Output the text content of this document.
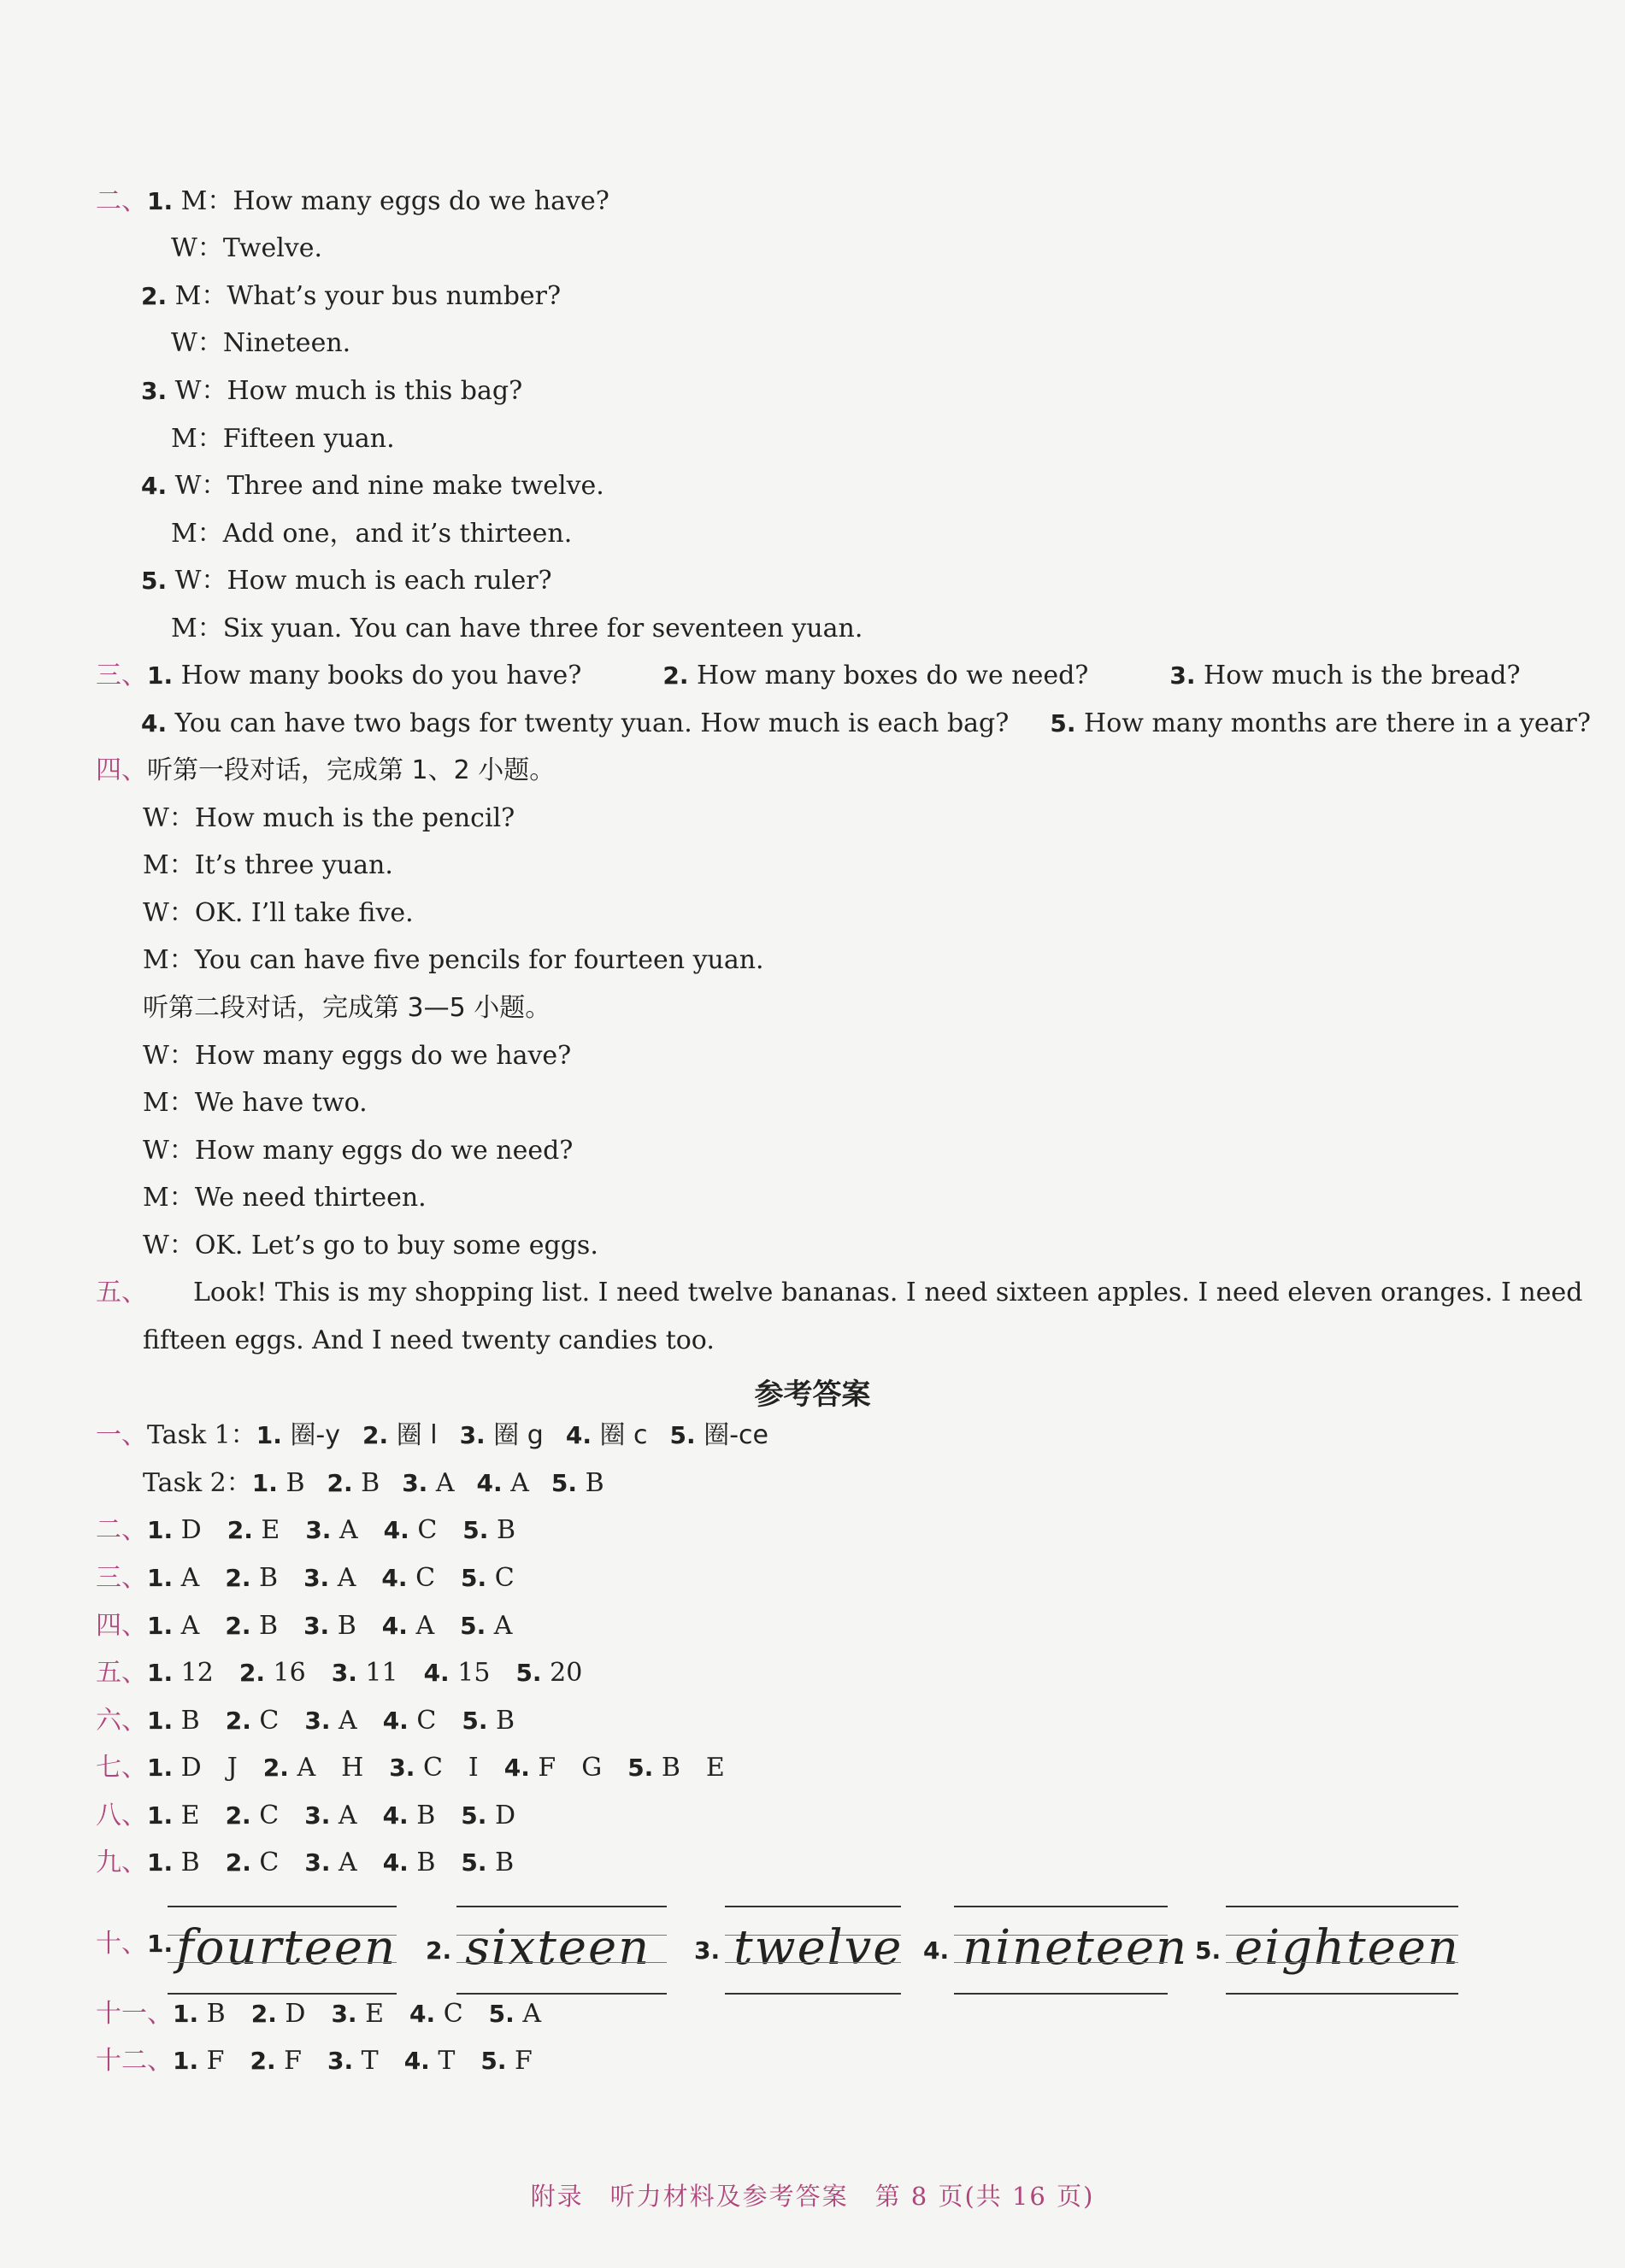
二、1. M：How many eggs do we have?
W：Twelve.
2. M：What’s your bus number?
W：Nineteen.
3. W：How much is this bag?
M：Fifteen yuan.
4. W：Three and nine make twelve.
M：Add one，and it’s thirteen.
5. W：How much is each ruler?
M：Six yuan. You can have three for seventeen yuan.
三、1. How many books do you have?	2. How many boxes do we need?	3. How much is the bread?
4. You can have two bags for twenty yuan. How much is each bag? 5. How many months are there in a year?
四、听第一段对话，完成第 1、2 小题。
W：How much is the pencil?
M：It’s three yuan.
W：OK. I’ll take five.
M：You can have five pencils for fourteen yuan.
听第二段对话，完成第 3—5 小题。
W：How many eggs do we have?
M：We have two.
W：How many eggs do we need?
M：We need thirteen.
W：OK. Let’s go to buy some eggs.
五、 Look! This is my shopping list. I need twelve bananas. I need sixteen apples. I need eleven oranges. I need
fifteen eggs. And I need twenty candies too.
参考答案
一、Task 1：1. 圈-y 2. 圈 l 3. 圈 g 4. 圈 c 5. 圈-ce
Task 2：1. B 2. B 3. A 4. A 5. B
二、1. D 2. E 3. A 4. C 5. B
三、1. A 2. B 3. A 4. C 5. C
四、1. A 2. B 3. B 4. A 5. A
五、1. 12 2. 16 3. 11 4. 15 5. 20
六、1. B 2. C 3. A 4. C 5. B
七、1. D　J 2. A　H 3. C　I 4. F　G 5. B　E
八、1. E 2. C 3. A 4. B 5. D
九、1. B 2. C 3. A 4. B 5. B
十、1. fourteen 2. sixteen 3. twelve 4. nineteen 5. eighteen
十一、1. B 2. D 3. E 4. C 5. A
十二、1. F 2. F 3. T 4. T 5. F
附录　听力材料及参考答案　第 8 页(共 16 页)
